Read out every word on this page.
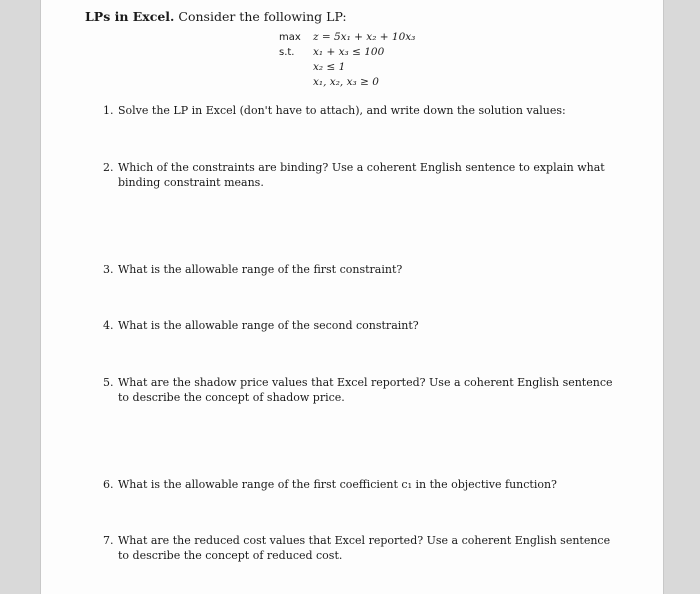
LPs in Excel. Consider the following LP:
max	z = 5x₁ + x₂ + 10x₃
s.t.	x₁ + x₃ ≤ 100
x₂ ≤ 1
x₁, x₂, x₃ ≥ 0
1. Solve the LP in Excel (don't have to attach), and write down the solution values:
2. Which of the constraints are binding? Use a coherent English sentence to explain what binding constraint means.
3. What is the allowable range of the first constraint?
4. What is the allowable range of the second constraint?
5. What are the shadow price values that Excel reported? Use a coherent English sentence to describe the concept of shadow price.
6. What is the allowable range of the first coefficient c₁ in the objective function?
7. What are the reduced cost values that Excel reported? Use a coherent English sentence to describe the concept of reduced cost.
